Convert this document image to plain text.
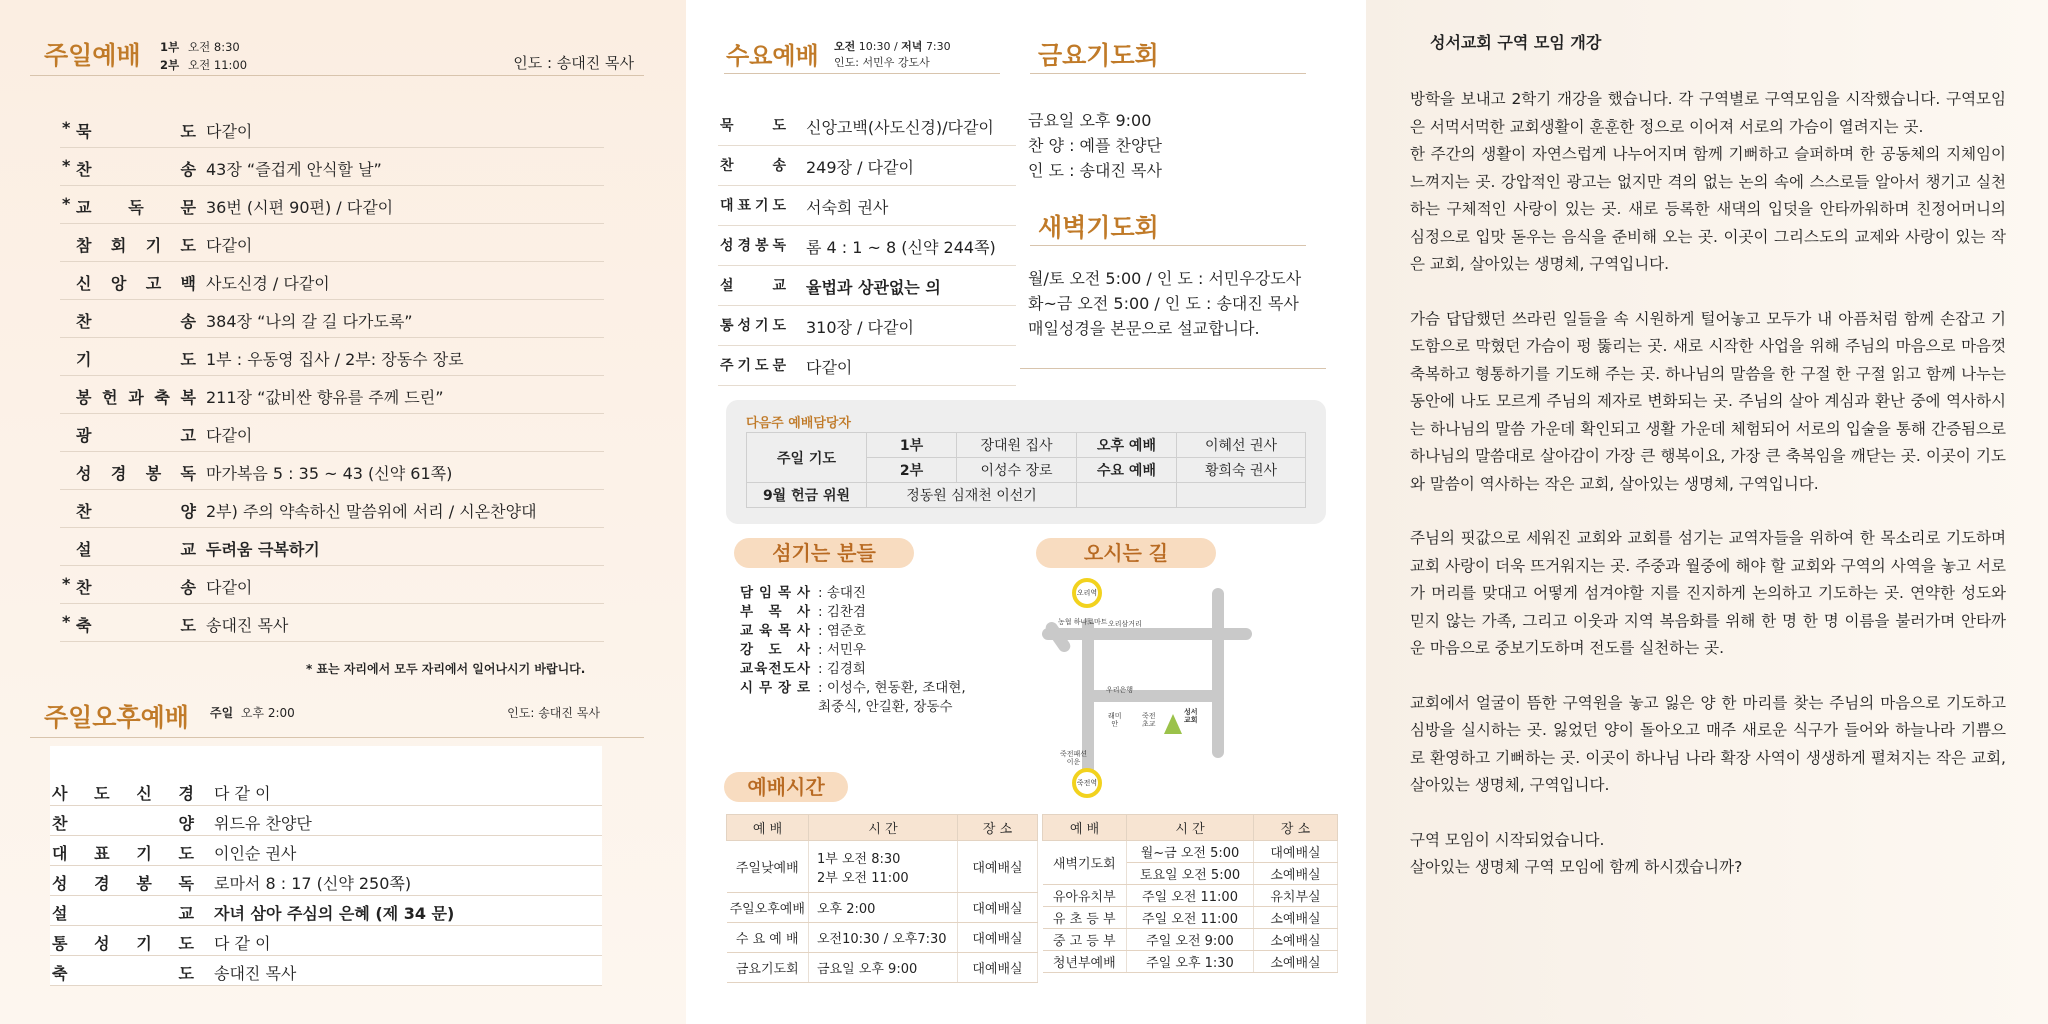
주일예배 1부 오전 8:30
2부 오전 11:00	인도 : 송대진 목사
* 묵	도 다같이
* 찬	송 43장 “즐겁게 안식할 날”
* 교 독 문 36번 (시편 90편) / 다같이
참 회 기 도 다같이
신 앙 고 백 사도신경 / 다같이
찬	송 384장 “나의 갈 길 다가도록”
기	도 1부 : 우동영 집사 / 2부: 장동수 장로
봉 헌 과 축 복 211장 “값비싼 향유를 주께 드린”
광	고 다같이
성 경 봉 독 마가복음 5 : 35 ~ 43 (신약 61쪽)
찬	양 2부) 주의 약속하신 말씀위에 서리 / 시온찬양대
설	교 두려움 극복하기
* 찬	송 다같이
* 축	도 송대진 목사
* 표는 자리에서 모두 자리에서 일어나시기 바랍니다.
주일오후예배 주일 오후 2:00	인도: 송대진 목사
사 도 신 경 다 같 이
찬	양 위드유 찬양단
대 표 기 도 이인순 권사
성 경 봉 독 로마서 8 : 17 (신약 250쪽)
설	교 자녀 삼아 주심의 은혜 (제 34 문)
통 성 기 도 다 같 이
축	도 송대진 목사
수요예배 오전 10:30 / 저녁 7:30
인도: 서민우 강도사
묵	도 신앙고백(사도신경)/다같이
찬	송 249장 / 다같이
대 표 기 도 서숙희 권사
성 경 봉 독 롬 4 : 1 ~ 8 (신약 244쪽)
설	교 율법과 상관없는 의
통 성 기 도 310장 / 다같이
주 기 도 문 다같이
금요기도회
금요일 오후 9:00
찬 양 : 예플 찬양단
인 도 : 송대진 목사
새벽기도회
월/토 오전 5:00 / 인 도 : 서민우강도사
화~금 오전 5:00 / 인 도 : 송대진 목사
매일성경을 본문으로 설교합니다.
다음주 예배담당자
주일 기도	1부	장대원 집사	오후 예배	이혜선 권사
	2부	이성수 장로	수요 예배	황희숙 권사
9월 헌금 위원	정동원 심재천 이선기			
섬기는 분들
담 임 목 사 : 송대진
부 목 사 : 김찬겸
교 육 목 사 : 염준호
강 도 사 : 서민우
교 육 전 도 사 : 김경희
시 무 장 로 : 이성수, 현동환, 조대현,
최중식, 안길환, 장동수
오시는 길
오리역
농협 하나로마트 오리삼거리
우리은행
래미
안
죽전
초교
성서
교회
죽전패션
이운
죽전역
예배시간
예 배	시 간	장 소
주일낮예배	1부 오전 8:30
2부 오전 11:00	대예배실
주일오후예배	오후 2:00	대예배실
수 요 예 배	오전10:30 / 오후7:30	대예배실
금요기도회	금요일 오후 9:00	대예배실
예 배	시 간	장 소
새벽기도회	월~금 오전 5:00	대예배실
	토요일 오전 5:00	소예배실
유아유치부	주일 오전 11:00	유치부실
유 초 등 부	주일 오전 11:00	소예배실
중 고 등 부	주일 오전 9:00	소예배실
청년부예배	주일 오후 1:30	소예배실
성서교회 구역 모임 개강

방학을 보내고 2학기 개강을 했습니다. 각 구역별로 구역모임을 시작했습니다. 구역모임은 서먹서먹한 교회생활이 훈훈한 정으로 이어져 서로의 가슴이 열려지는 곳.
한 주간의 생활이 자연스럽게 나누어지며 함께 기뻐하고 슬퍼하며 한 공동체의 지체임이 느껴지는 곳. 강압적인 광고는 없지만 격의 없는 논의 속에 스스로들 알아서 챙기고 실천하는 구체적인 사랑이 있는 곳. 새로 등록한 새댁의 입덧을 안타까워하며 친정어머니의 심정으로 입맛 돋우는 음식을 준비해 오는 곳. 이곳이 그리스도의 교제와 사랑이 있는 작은 교회, 살아있는 생명체, 구역입니다.

가슴 답답했던 쓰라린 일들을 속 시원하게 털어놓고 모두가 내 아픔처럼 함께 손잡고 기도함으로 막혔던 가슴이 펑 뚫리는 곳. 새로 시작한 사업을 위해 주님의 마음으로 마음껏 축복하고 형통하기를 기도해 주는 곳. 하나님의 말씀을 한 구절 한 구절 읽고 함께 나누는 동안에 나도 모르게 주님의 제자로 변화되는 곳. 주님의 살아 계심과 환난 중에 역사하시는 하나님의 말씀 가운데 확인되고 생활 가운데 체험되어 서로의 입술을 통해 간증됨으로 하나님의 말씀대로 살아감이 가장 큰 행복이요, 가장 큰 축복임을 깨닫는 곳. 이곳이 기도와 말씀이 역사하는 작은 교회, 살아있는 생명체, 구역입니다.

주님의 핏값으로 세워진 교회와 교회를 섬기는 교역자들을 위하여 한 목소리로 기도하며 교회 사랑이 더욱 뜨거워지는 곳. 주중과 월중에 해야 할 교회와 구역의 사역을 놓고 서로가 머리를 맞대고 어떻게 섬겨야할 지를 진지하게 논의하고 기도하는 곳. 연약한 성도와 믿지 않는 가족, 그리고 이웃과 지역 복음화를 위해 한 명 한 명 이름을 불러가며 안타까운 마음으로 중보기도하며 전도를 실천하는 곳.

교회에서 얼굴이 뜸한 구역원을 놓고 잃은 양 한 마리를 찾는 주님의 마음으로 기도하고 심방을 실시하는 곳. 잃었던 양이 돌아오고 매주 새로운 식구가 들어와 하늘나라 기쁨으로 환영하고 기뻐하는 곳. 이곳이 하나님 나라 확장 사역이 생생하게 펼쳐지는 작은 교회, 살아있는 생명체, 구역입니다.

구역 모임이 시작되었습니다.
살아있는 생명체 구역 모임에 함께 하시겠습니까?
